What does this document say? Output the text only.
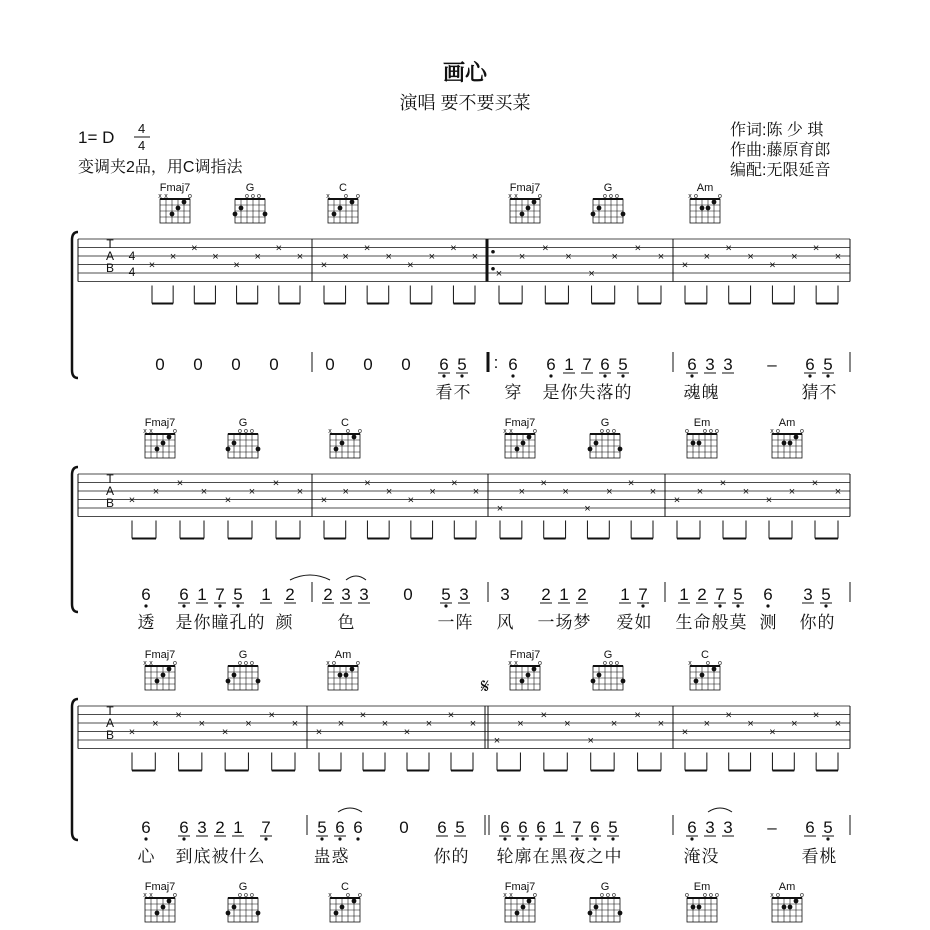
画心
演唱 要不要买菜
1= D 4
4
变调夹2品，用C调指法
作词:陈 少 琪
作曲:藤原育郎
编配:无限延音
Fmaj7
x x	o
G
o o o
C
x o o
Fmaj7
x x	o
G
o o o
Am
x o	o
T
A
B
4
4 ×
×
×
×
×
×
×
×
×
×
×
×
×
×
×
×
×
×
×
×
×
×
×
×
×
×
×
×
×
×
×
×
0 0 0 0	0 0 0 6 5 6 6 1 7 6 5	6 3 3 – 6 5
:
看 不 穿 是 你 失 落 的	魂 魄	猜 不
Fmaj7
x x	o
G
o o o
C
x o o
Fmaj7
x x	o
G
o o o
Em
o o o o
Am
x o	o
T
A
B ×
×
×
×
×
×
×
×
×
×
×
×
×
×
×
×
×
×
×
×
×
×
×
×
×
×
×
×
×
×
×
×
6 6 1 7 5 1 2 2 3 3 0 5 3 3 2 1 2 1 7 1 2 7 5 6 3 5
透 是 你 瞳 孔 的 颜	色	一 阵 风 一 场 梦 爱 如 生 命 般 莫 测 你 的
Fmaj7
x x	o
G
o o o
Am
x o	o
Fmaj7
x x	o
G
o o o
C
x o o
𝄋
T
A
B ×
×
×
×
×
×
×
×
×
×
×
×
×
×
×
×
×
×
×
×
×
×
×
×
×
×
×
×
×
×
×
×
6 6 3 2 1 7	5 6 6 0 6 5 6 6 6 1 7 6 5	6 3 3 – 6 5
心 到 底 被 什 么	蛊 惑	你 的 轮 廓 在 黑 夜 之 中	淹 没	看 桃
Fmaj7
x x	o
G
o o o
C
x o o
Fmaj7
x x	o
G
o o o
Em
o o o o
Am
x o	o
